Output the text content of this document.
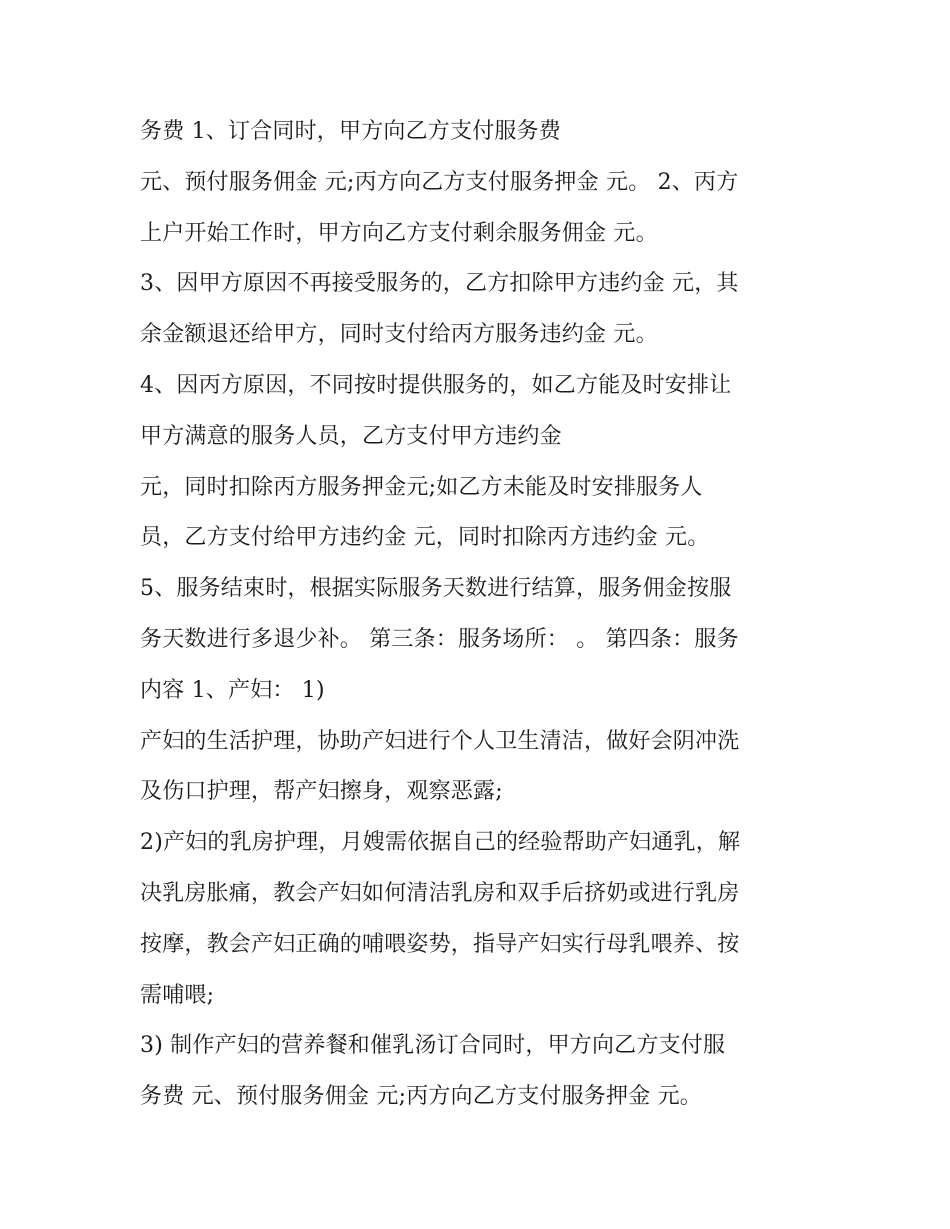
务费 1、订合同时，甲方向乙方支付服务费
元、预付服务佣金 元;丙方向乙方支付服务押金 元。 2、丙方
上户开始工作时，甲方向乙方支付剩余服务佣金 元。
3、因甲方原因不再接受服务的，乙方扣除甲方违约金 元，其
余金额退还给甲方，同时支付给丙方服务违约金 元。
4、因丙方原因，不同按时提供服务的，如乙方能及时安排让
甲方满意的服务人员，乙方支付甲方违约金
元，同时扣除丙方服务押金元;如乙方未能及时安排服务人
员，乙方支付给甲方违约金 元，同时扣除丙方违约金 元。
5、服务结束时，根据实际服务天数进行结算，服务佣金按服
务天数进行多退少补。 第三条：服务场所： 。 第四条：服务
内容 1、产妇： 1)
产妇的生活护理，协助产妇进行个人卫生清洁，做好会阴冲洗
及伤口护理，帮产妇擦身，观察恶露;
2)产妇的乳房护理，月嫂需依据自己的经验帮助产妇通乳，解
决乳房胀痛，教会产妇如何清洁乳房和双手后挤奶或进行乳房
按摩，教会产妇正确的哺喂姿势，指导产妇实行母乳喂养、按
需哺喂;
3) 制作产妇的营养餐和催乳汤订合同时，甲方向乙方支付服
务费 元、预付服务佣金 元;丙方向乙方支付服务押金 元。
